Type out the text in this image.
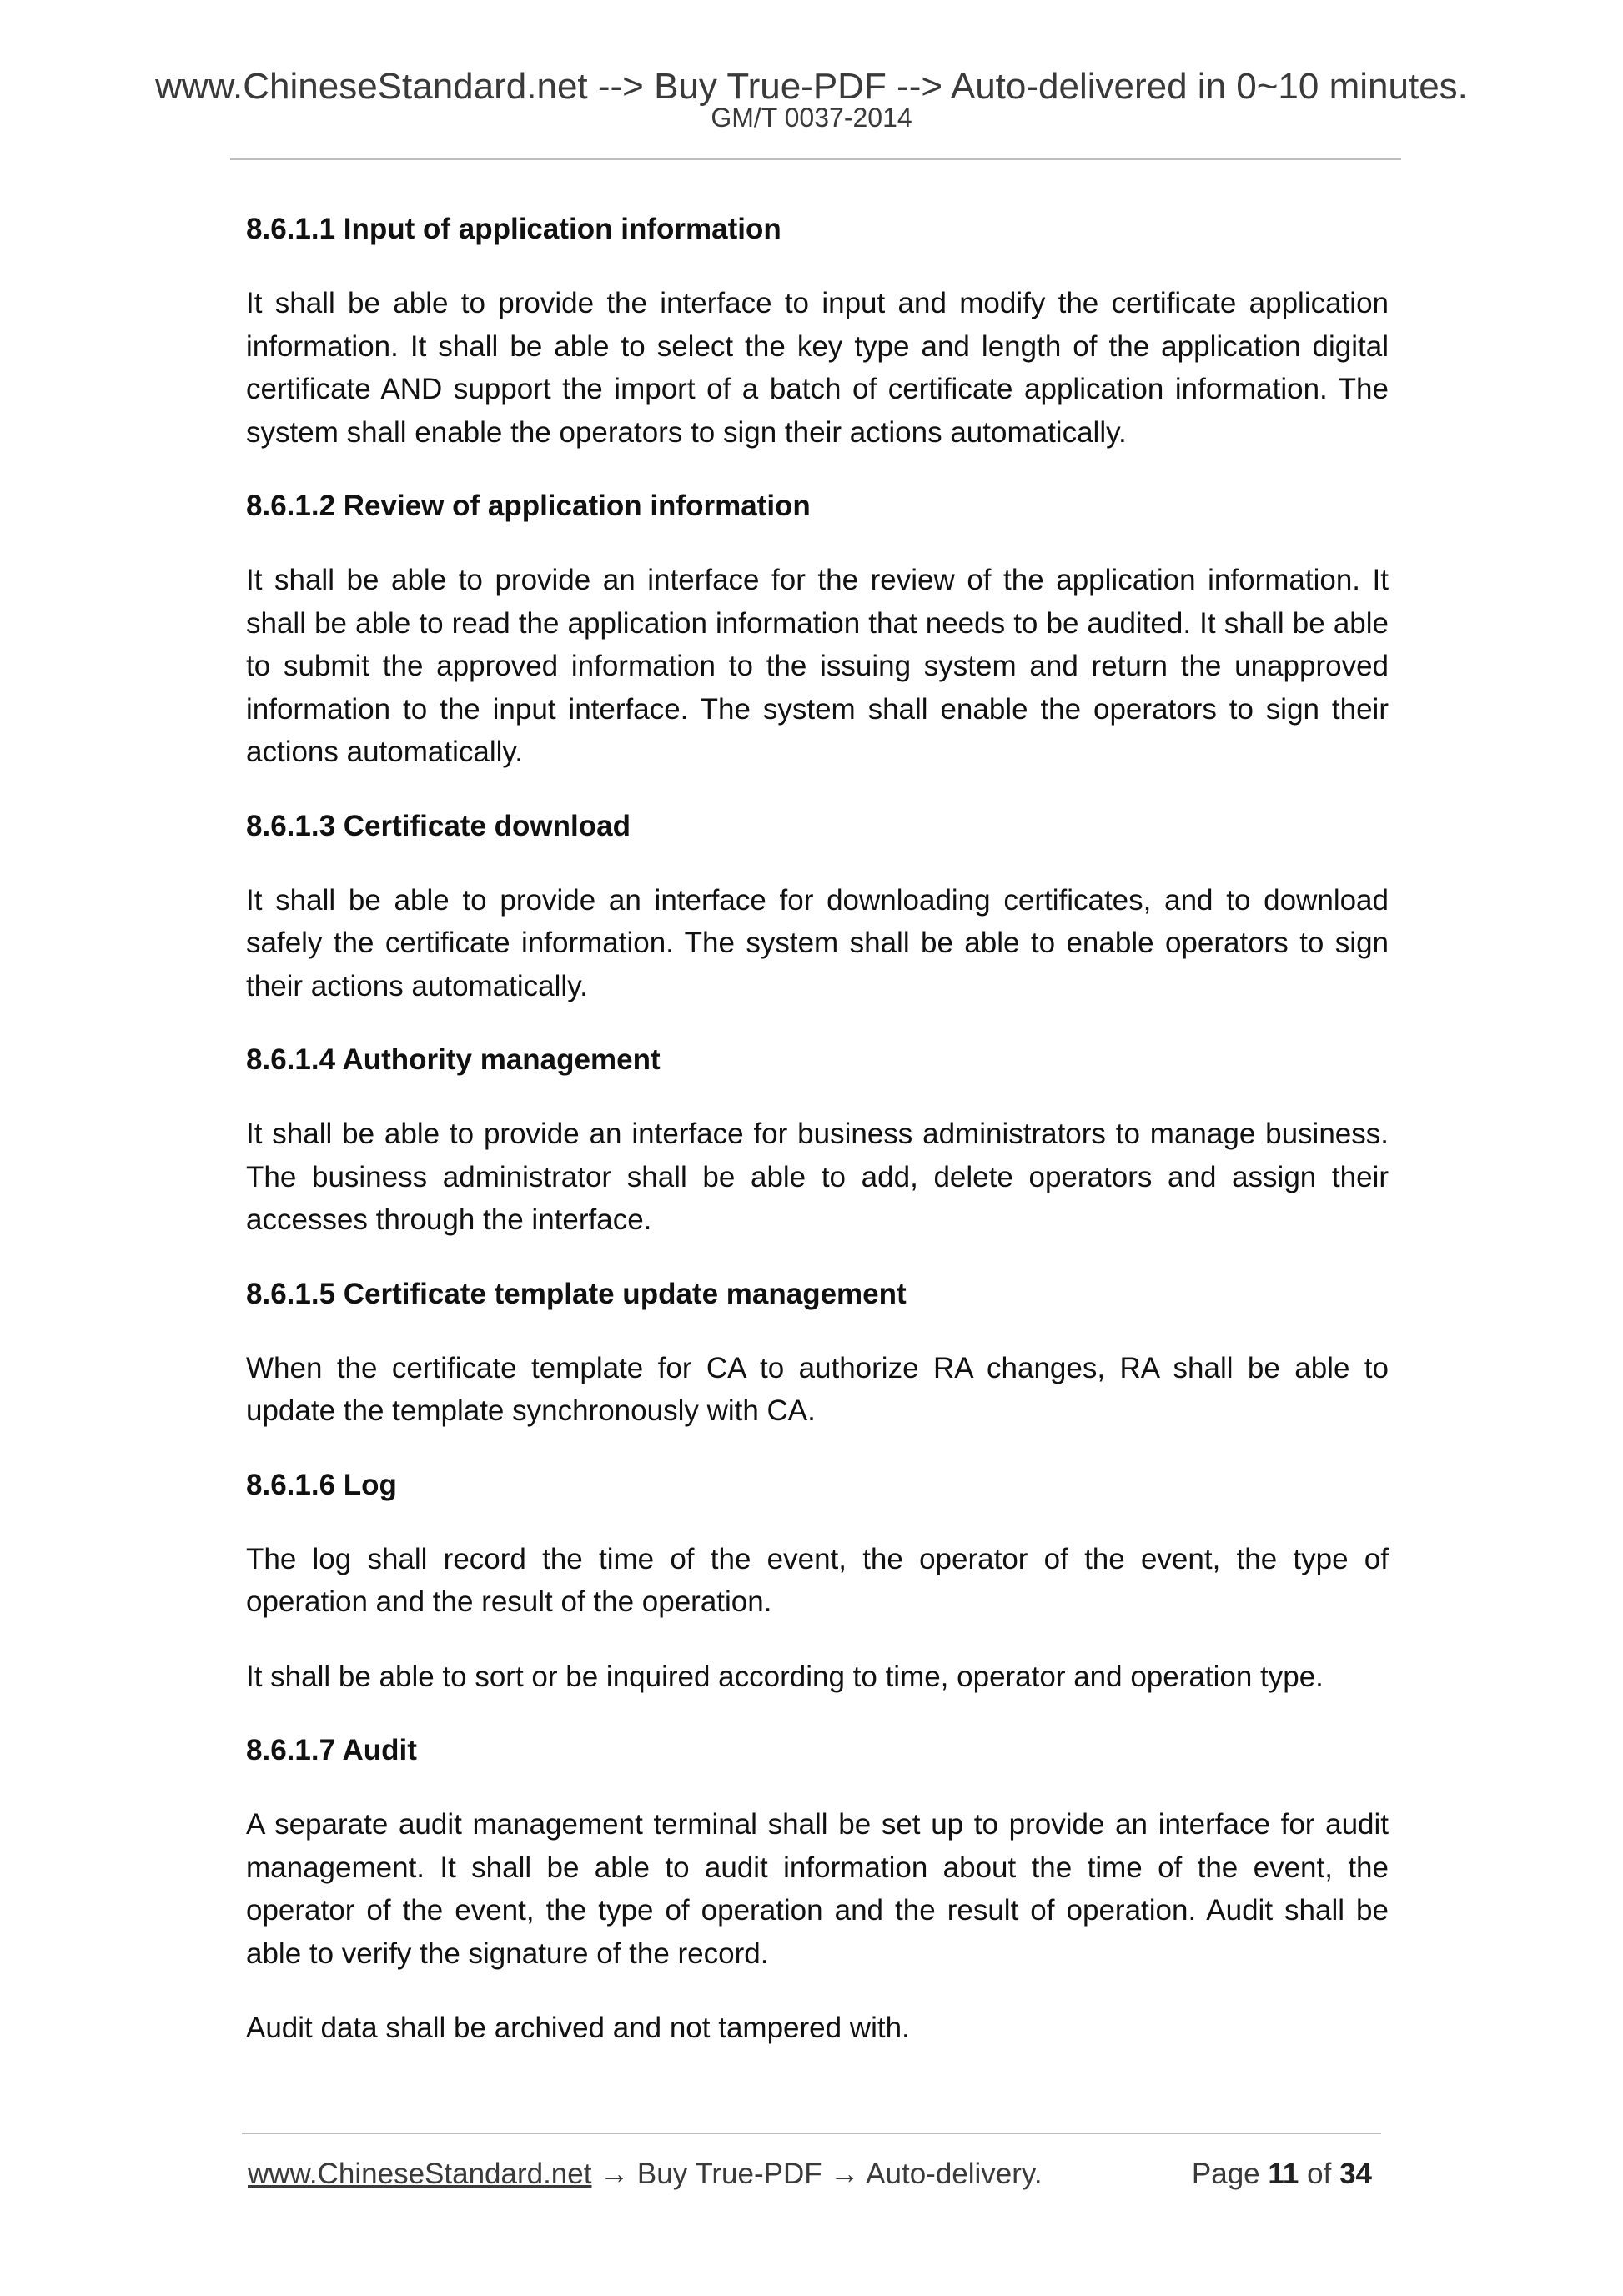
www.ChineseStandard.net --> Buy True-PDF --> Auto-delivered in 0~10 minutes.
GM/T 0037-2014
8.6.1.1 Input of application information

It shall be able to provide the interface to input and modify the certificate application information. It shall be able to select the key type and length of the application digital certificate AND support the import of a batch of certificate application information. The system shall enable the operators to sign their actions automatically.

8.6.1.2 Review of application information

It shall be able to provide an interface for the review of the application information. It shall be able to read the application information that needs to be audited. It shall be able to submit the approved information to the issuing system and return the unapproved information to the input interface. The system shall enable the operators to sign their actions automatically.

8.6.1.3 Certificate download

It shall be able to provide an interface for downloading certificates, and to download safely the certificate information. The system shall be able to enable operators to sign their actions automatically.

8.6.1.4 Authority management

It shall be able to provide an interface for business administrators to manage business. The business administrator shall be able to add, delete operators and assign their accesses through the interface.

8.6.1.5 Certificate template update management

When the certificate template for CA to authorize RA changes, RA shall be able to update the template synchronously with CA.

8.6.1.6 Log

The log shall record the time of the event, the operator of the event, the type of operation and the result of the operation.

It shall be able to sort or be inquired according to time, operator and operation type.

8.6.1.7 Audit

A separate audit management terminal shall be set up to provide an interface for audit management. It shall be able to audit information about the time of the event, the operator of the event, the type of operation and the result of operation. Audit shall be able to verify the signature of the record.

Audit data shall be archived and not tampered with.

www.ChineseStandard.net → Buy True-PDF → Auto-delivery.	Page 11 of 34
